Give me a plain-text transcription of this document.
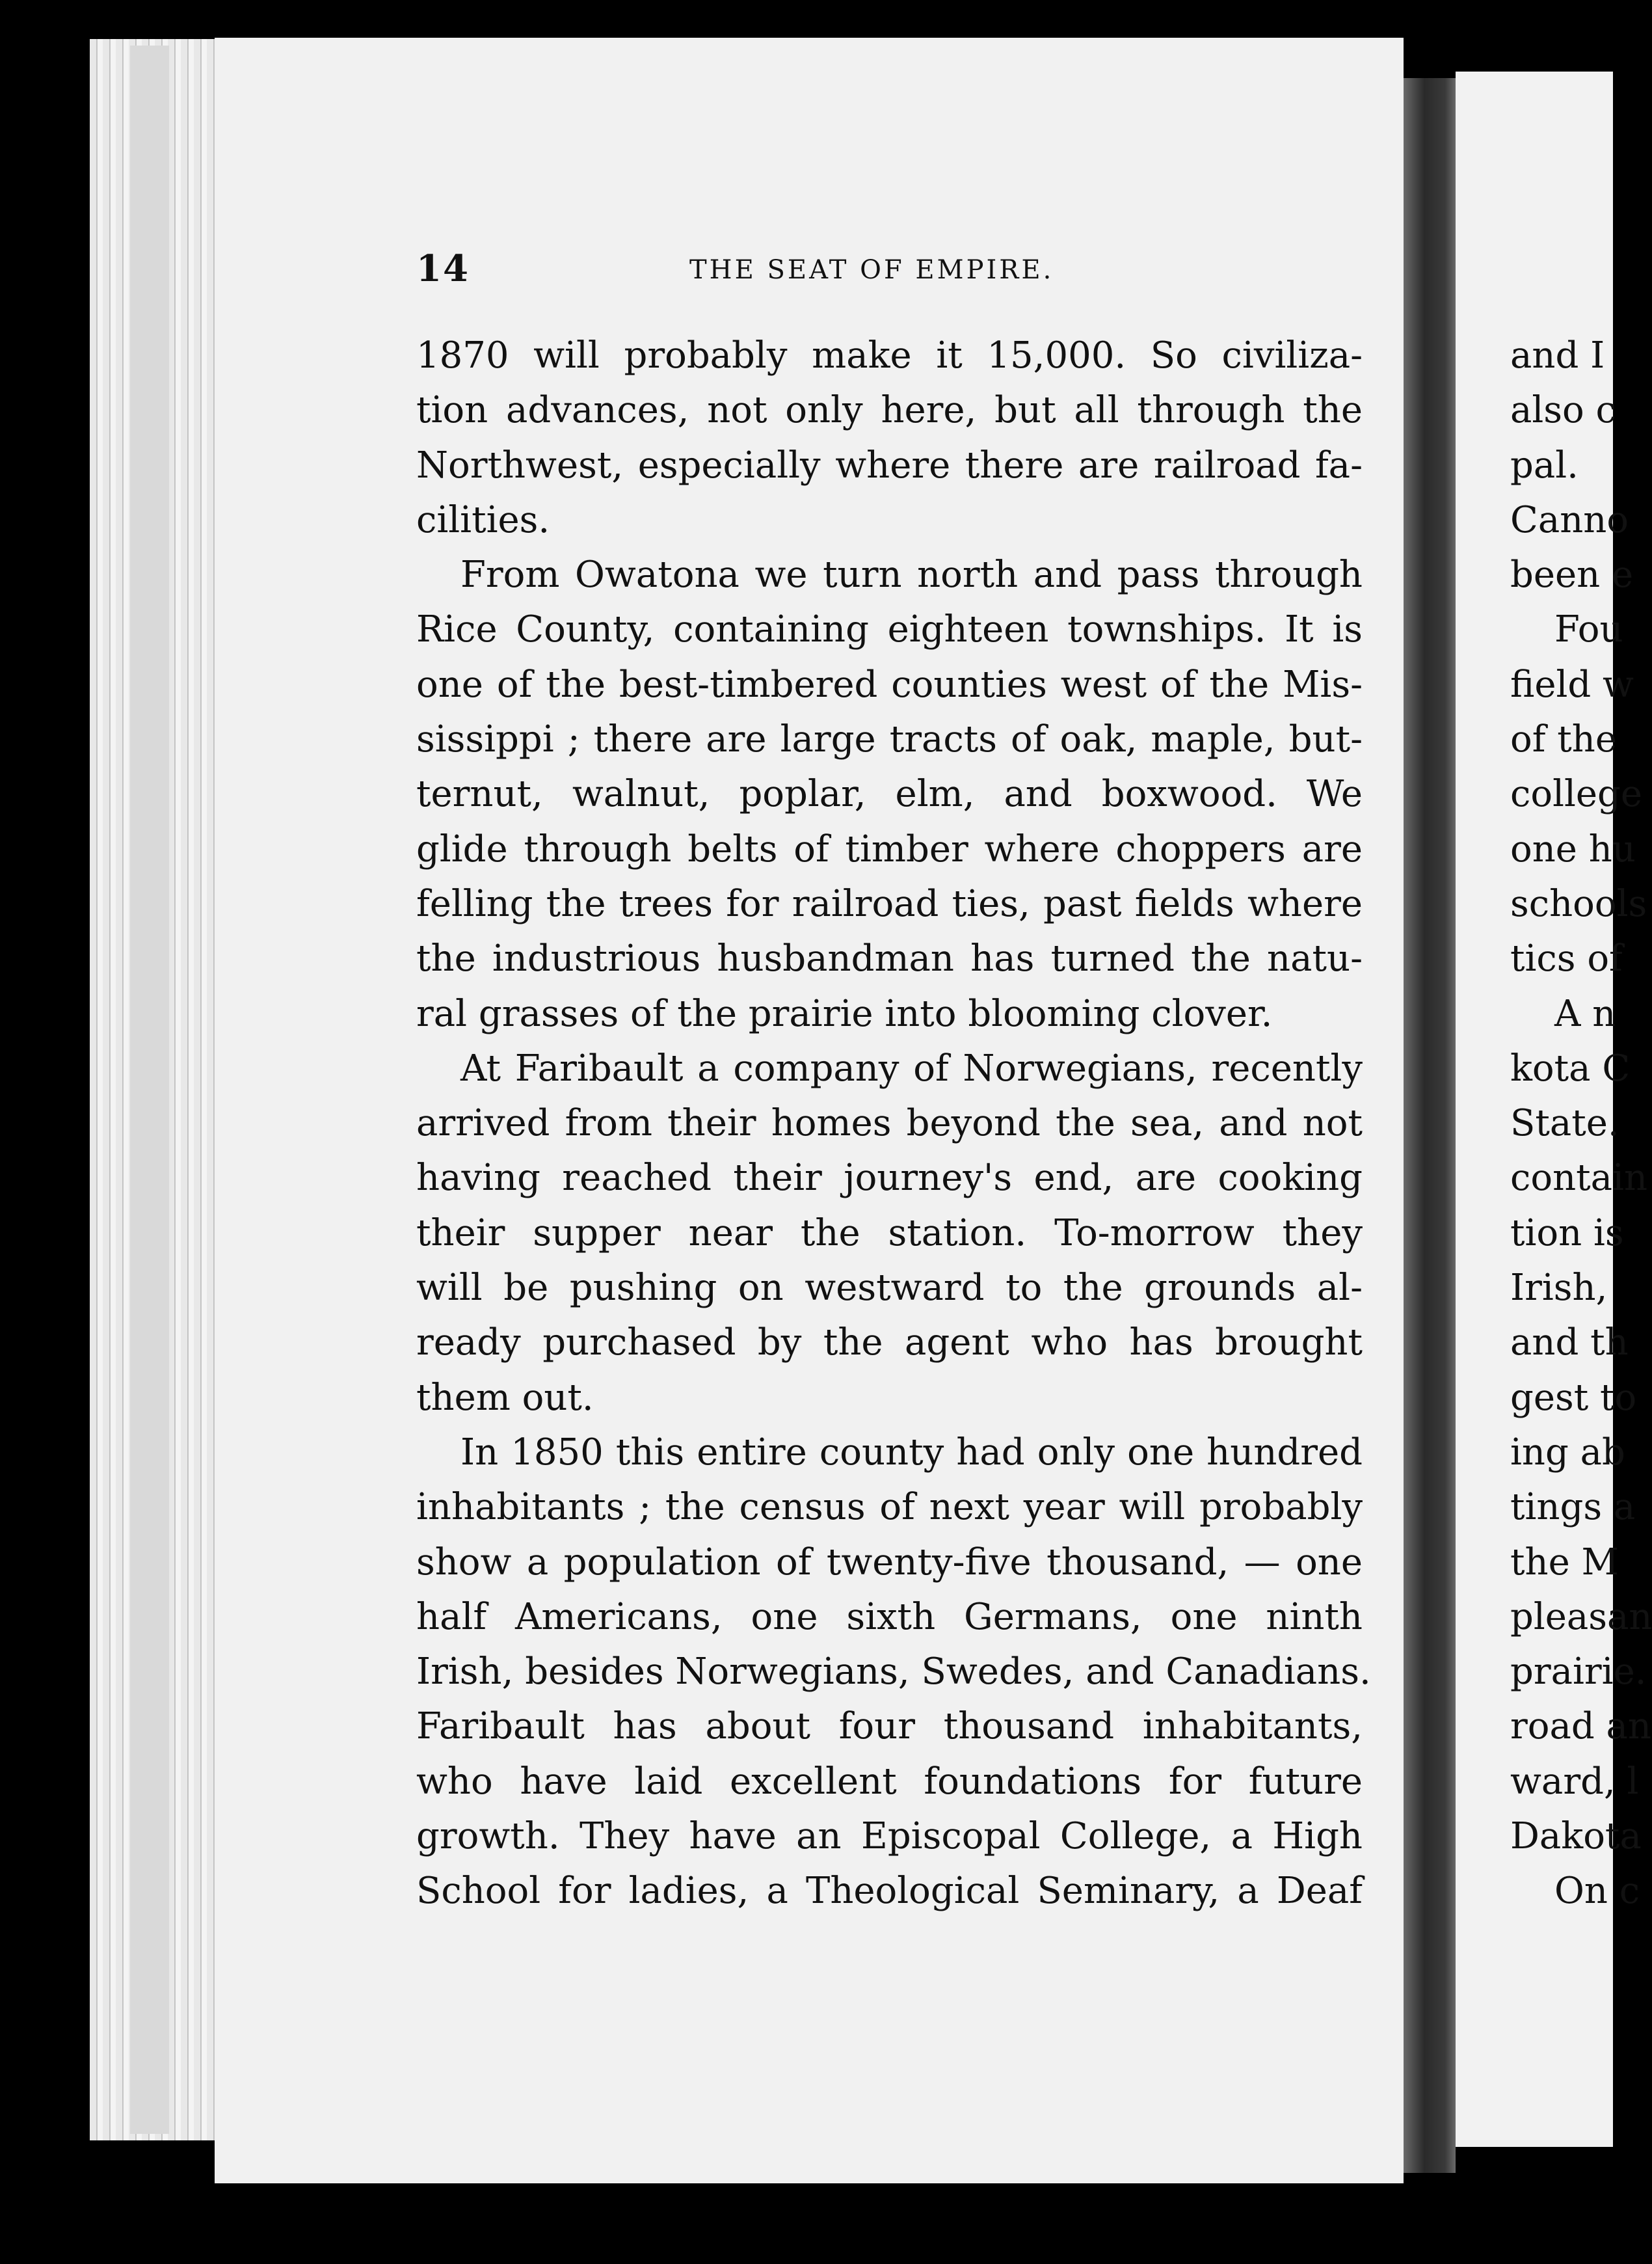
14	THE SEAT OF EMPIRE.
1870 will probably make it 15,000. So civiliza-
tion advances, not only here, but all through the
Northwest, especially where there are railroad fa-
cilities.
From Owatona we turn north and pass through
Rice County, containing eighteen townships. It is
one of the best-timbered counties west of the Mis-
sissippi ; there are large tracts of oak, maple, but-
ternut, walnut, poplar, elm, and boxwood. We
glide through belts of timber where choppers are
felling the trees for railroad ties, past fields where
the industrious husbandman has turned the natu-
ral grasses of the prairie into blooming clover.
At Faribault a company of Norwegians, recently
arrived from their homes beyond the sea, and not
having reached their journey's end, are cooking
their supper near the station. To-morrow they
will be pushing on westward to the grounds al-
ready purchased by the agent who has brought
them out.
In 1850 this entire county had only one hundred
inhabitants ; the census of next year will probably
show a population of twenty-five thousand, — one
half Americans, one sixth Germans, one ninth
Irish, besides Norwegians, Swedes, and Canadians.
Faribault has about four thousand inhabitants,
who have laid excellent foundations for future
growth. They have an Episcopal College, a High
School for ladies, a Theological Seminary, a Deaf
and I
also c
pal.
Canno
been e
Fou
field w
of the
college
one hu
schools
tics of
A n
kota C
State.
contain
tion is
Irish,
and th
gest to
ing ab
tings a
the M
pleasan
prairie.
road an
ward, l
Dakota
On c
